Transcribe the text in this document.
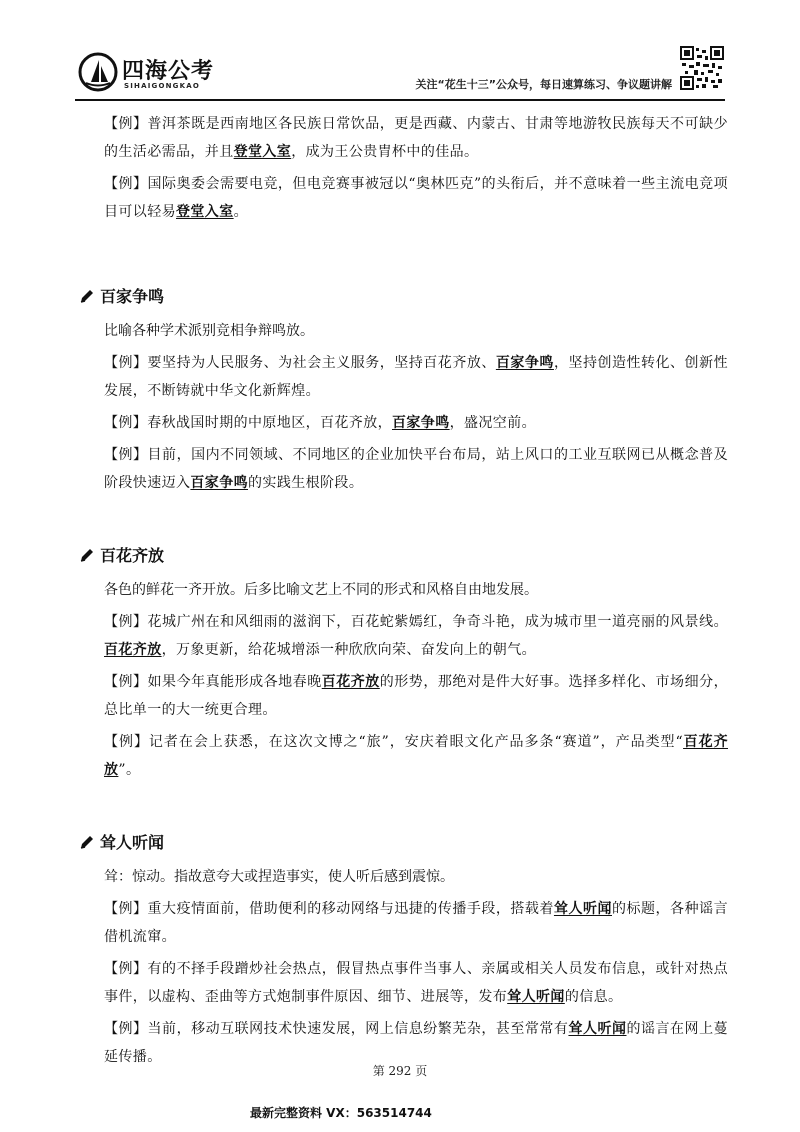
四海公考
SIHAIGONGKAO	关注“花生十三”公众号，每日速算练习、争议题讲解

【例】普洱茶既是西南地区各民族日常饮品，更是西藏、内蒙古、甘肃等地游牧民族每天不可缺少的生活必需品，并且登堂入室，成为王公贵胄杯中的佳品。

【例】国际奥委会需要电竞，但电竞赛事被冠以“奥林匹克”的头衔后，并不意味着一些主流电竞项目可以轻易登堂入室。

百家争鸣

比喻各种学术派别竞相争辩鸣放。

【例】要坚持为人民服务、为社会主义服务，坚持百花齐放、百家争鸣，坚持创造性转化、创新性发展，不断铸就中华文化新辉煌。

【例】春秋战国时期的中原地区，百花齐放，百家争鸣，盛况空前。

【例】目前，国内不同领域、不同地区的企业加快平台布局，站上风口的工业互联网已从概念普及阶段快速迈入百家争鸣的实践生根阶段。

百花齐放

各色的鲜花一齐开放。后多比喻文艺上不同的形式和风格自由地发展。

【例】花城广州在和风细雨的滋润下，百花蛇紫嫣红，争奇斗艳，成为城市里一道亮丽的风景线。百花齐放，万象更新，给花城增添一种欣欣向荣、奋发向上的朝气。

【例】如果今年真能形成各地春晚百花齐放的形势，那绝对是件大好事。选择多样化、市场细分，总比单一的大一统更合理。

【例】记者在会上获悉，在这次文博之“旅”，安庆着眼文化产品多条“赛道”，产品类型“百花齐放”。

耸人听闻

耸：惊动。指故意夸大或捏造事实，使人听后感到震惊。

【例】重大疫情面前，借助便利的移动网络与迅捷的传播手段，搭载着耸人听闻的标题，各种谣言借机流窜。

【例】有的不择手段蹭炒社会热点，假冒热点事件当事人、亲属或相关人员发布信息，或针对热点事件，以虚构、歪曲等方式炮制事件原因、细节、进展等，发布耸人听闻的信息。

【例】当前，移动互联网技术快速发展，网上信息纷繁芜杂，甚至常常有耸人听闻的谣言在网上蔓延传播。

第 292 页
最新完整资料 VX：563514744
